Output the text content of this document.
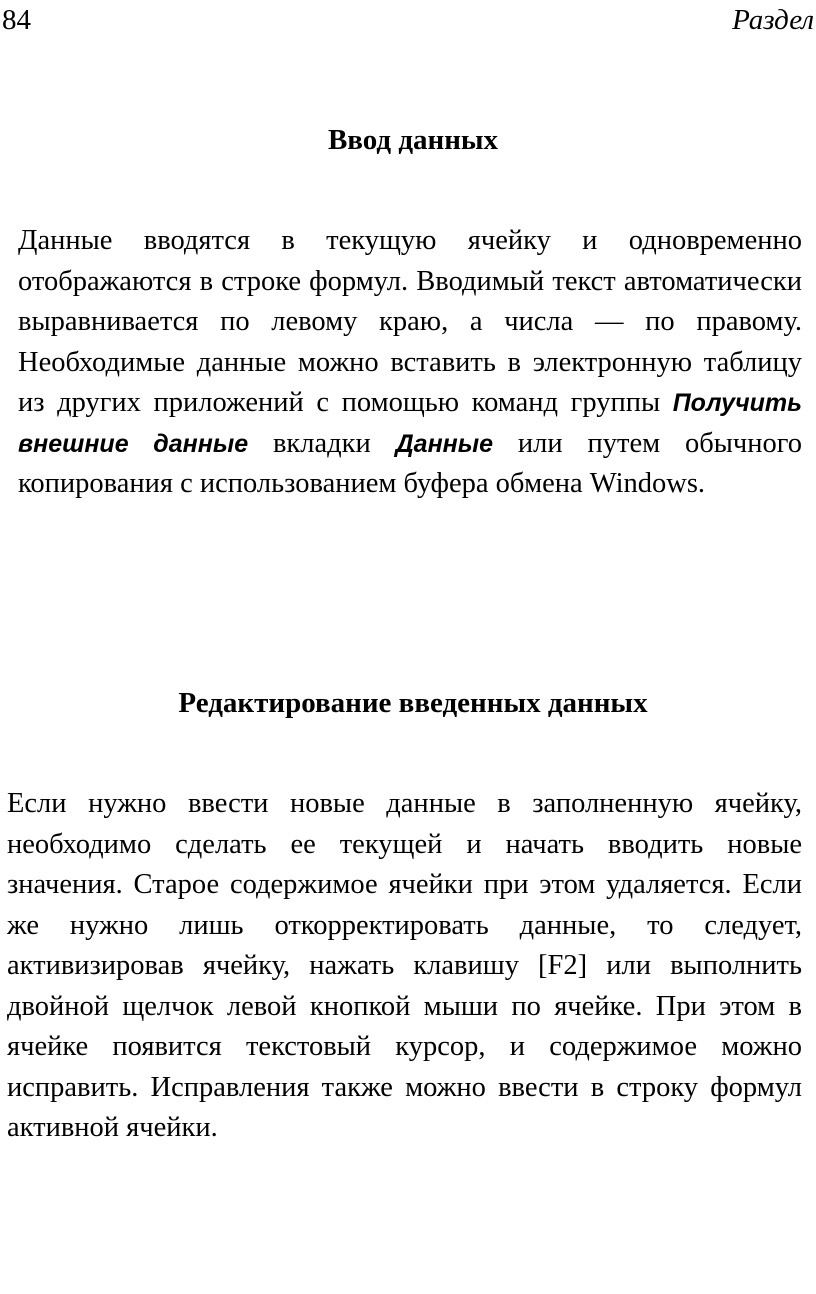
84	Раздел
Ввод данных
Данные вводятся в текущую ячейку и одновременно отображаются в строке формул. Вводимый текст автоматически выравнивается по левому краю, а числа — по правому. Необходимые данные можно вставить в электронную таблицу из других приложений с помощью команд группы Получить внешние данные вкладки Данные или путем обычного копирования с использованием буфера обмена Windows.
Редактирование введенных данных
Если нужно ввести новые данные в заполненную ячейку, необходимо сделать ее текущей и начать вводить новые значения. Старое содержимое ячейки при этом удаляется. Если же нужно лишь откорректировать данные, то следует, активизировав ячейку, нажать клавишу [F2] или выполнить двойной щелчок левой кнопкой мыши по ячейке. При этом в ячейке появится текстовый курсор, и содержимое можно исправить. Исправления также можно ввести в строку формул активной ячейки.
